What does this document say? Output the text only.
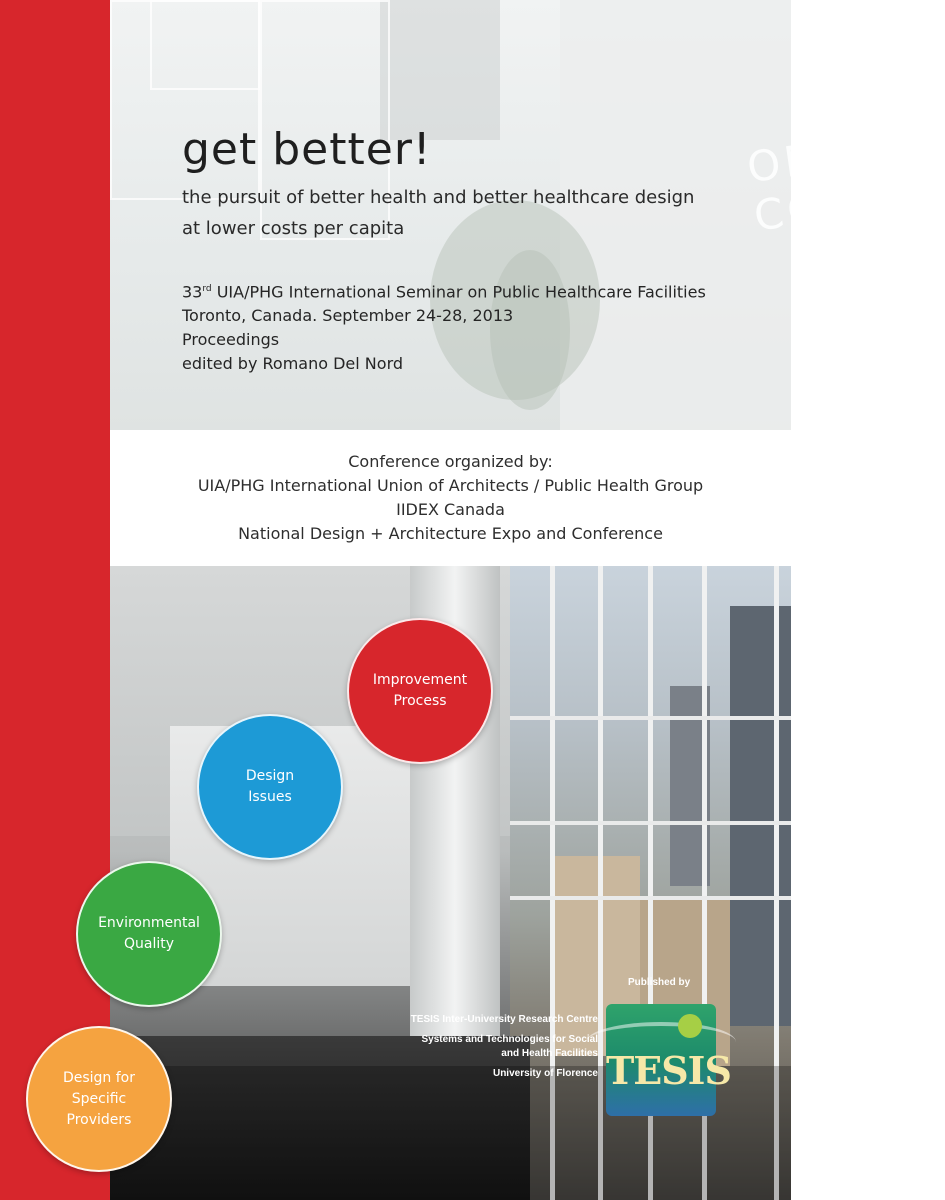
OMEN'S CO
get better!
the pursuit of better health and better healthcare design
at lower costs per capita
33rd UIA/PHG International Seminar on Public Healthcare Facilities
Toronto, Canada. September 24-28, 2013
Proceedings
edited by Romano Del Nord
Conference organized by:
UIA/PHG International Union of Architects / Public Health Group
IIDEX Canada
National Design + Architecture Expo and Conference
Improvement
Process
Design
Issues
Environmental
Quality
Design for
Specific
Providers
Published by
TESIS Inter-University Research Centre
Systems and Technologies for Social and Health Facilities
University of Florence TESIS
